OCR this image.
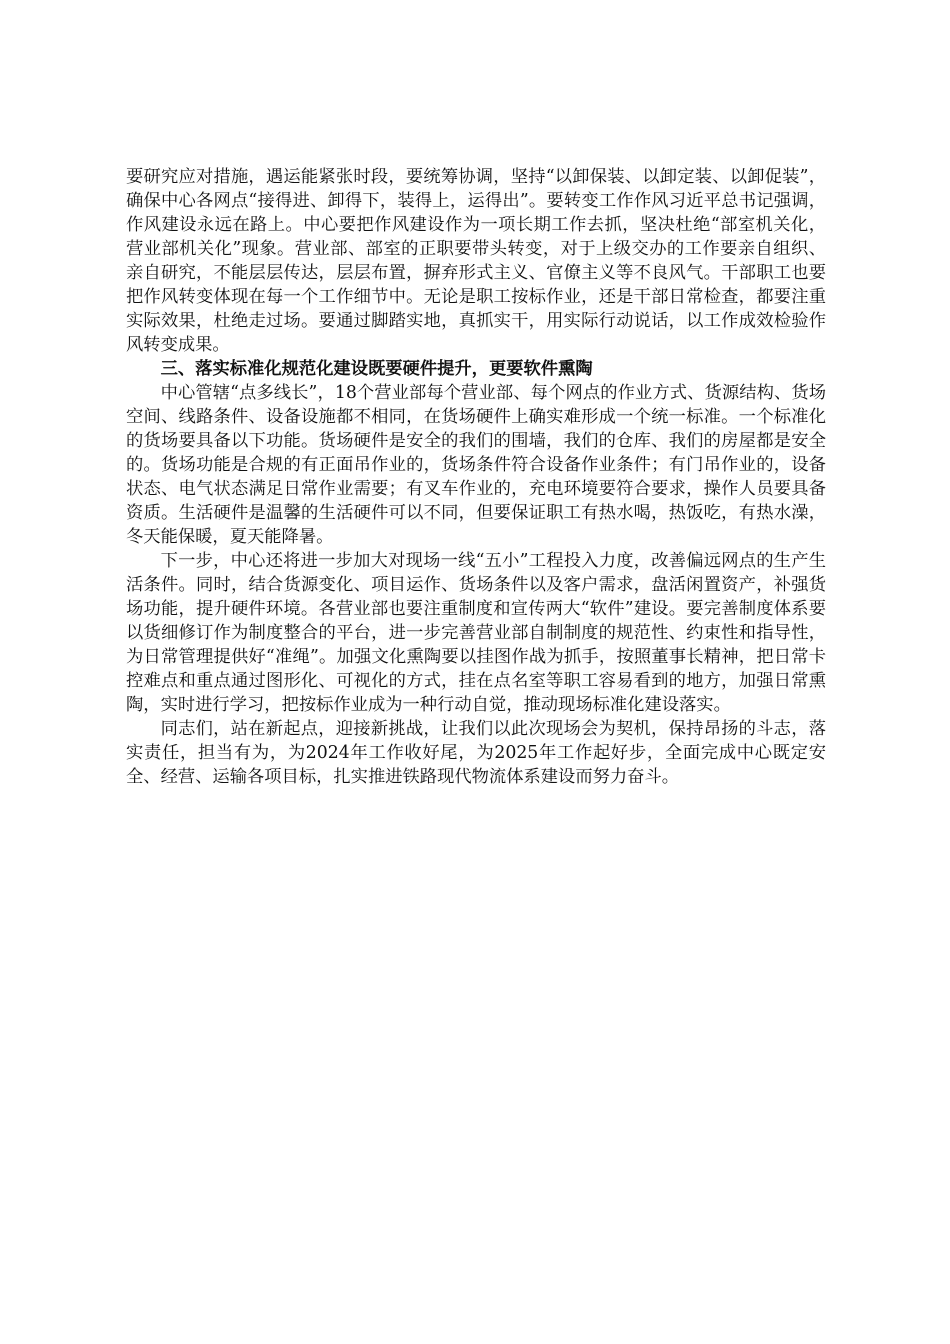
要研究应对措施，遇运能紧张时段，要统筹协调，坚持“以卸保装、以卸定装、以卸促装”，确保中心各网点“接得进、卸得下，装得上，运得出”。要转变工作作风习近平总书记强调，作风建设永远在路上。中心要把作风建设作为一项长期工作去抓，坚决杜绝“部室机关化，营业部机关化”现象。营业部、部室的正职要带头转变，对于上级交办的工作要亲自组织、亲自研究，不能层层传达，层层布置，摒弃形式主义、官僚主义等不良风气。干部职工也要把作风转变体现在每一个工作细节中。无论是职工按标作业，还是干部日常检查，都要注重实际效果，杜绝走过场。要通过脚踏实地，真抓实干，用实际行动说话，以工作成效检验作风转变成果。

三、落实标准化规范化建设既要硬件提升，更要软件熏陶

中心管辖“点多线长”，18个营业部每个营业部、每个网点的作业方式、货源结构、货场空间、线路条件、设备设施都不相同，在货场硬件上确实难形成一个统一标准。一个标准化的货场要具备以下功能。货场硬件是安全的我们的围墙，我们的仓库、我们的房屋都是安全的。货场功能是合规的有正面吊作业的，货场条件符合设备作业条件；有门吊作业的，设备状态、电气状态满足日常作业需要；有叉车作业的，充电环境要符合要求，操作人员要具备资质。生活硬件是温馨的生活硬件可以不同，但要保证职工有热水喝，热饭吃，有热水澡，冬天能保暖，夏天能降暑。

下一步，中心还将进一步加大对现场一线“五小”工程投入力度，改善偏远网点的生产生活条件。同时，结合货源变化、项目运作、货场条件以及客户需求，盘活闲置资产，补强货场功能，提升硬件环境。各营业部也要注重制度和宣传两大“软件”建设。要完善制度体系要以货细修订作为制度整合的平台，进一步完善营业部自制制度的规范性、约束性和指导性，为日常管理提供好“准绳”。加强文化熏陶要以挂图作战为抓手，按照董事长精神，把日常卡控难点和重点通过图形化、可视化的方式，挂在点名室等职工容易看到的地方，加强日常熏陶，实时进行学习，把按标作业成为一种行动自觉，推动现场标准化建设落实。

同志们，站在新起点，迎接新挑战，让我们以此次现场会为契机，保持昂扬的斗志，落实责任，担当有为，为2024年工作收好尾，为2025年工作起好步，全面完成中心既定安全、经营、运输各项目标，扎实推进铁路现代物流体系建设而努力奋斗。
